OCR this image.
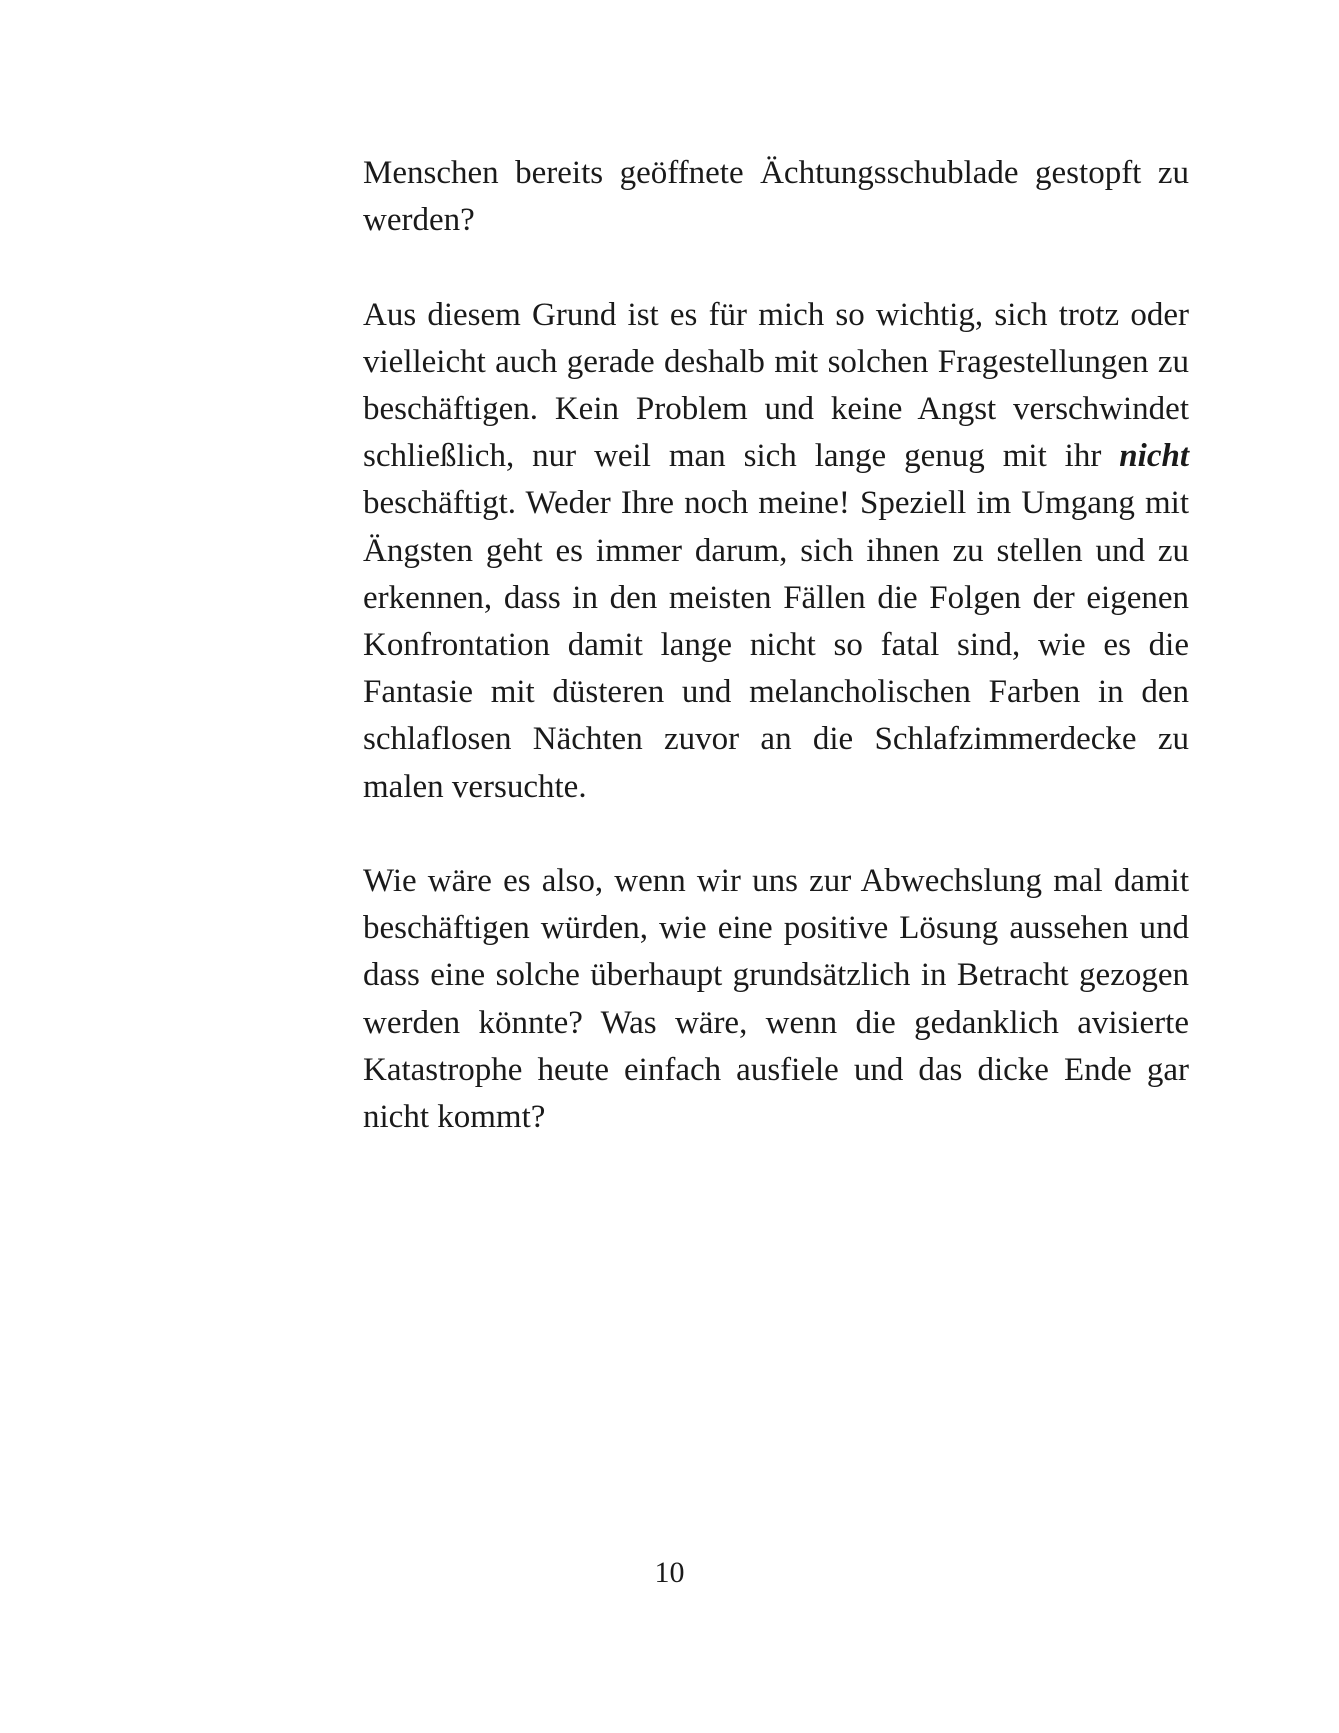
Menschen bereits geöffnete Ächtungsschublade gestopft zu werden?

Aus diesem Grund ist es für mich so wichtig, sich trotz oder vielleicht auch gerade deshalb mit solchen Fragestellungen zu beschäftigen. Kein Problem und keine Angst verschwindet schließlich, nur weil man sich lange genug mit ihr nicht beschäftigt. Weder Ihre noch meine! Speziell im Umgang mit Ängsten geht es immer darum, sich ihnen zu stellen und zu erkennen, dass in den meisten Fällen die Folgen der eigenen Konfrontation damit lange nicht so fatal sind, wie es die Fantasie mit düsteren und melancholischen Farben in den schlaflosen Nächten zuvor an die Schlafzimmerdecke zu malen versuchte.

Wie wäre es also, wenn wir uns zur Abwechslung mal damit beschäftigen würden, wie eine positive Lösung aussehen und dass eine solche überhaupt grundsätzlich in Betracht gezogen werden könnte? Was wäre, wenn die gedanklich avisierte Katastrophe heute einfach ausfiele und das dicke Ende gar nicht kommt?

10
